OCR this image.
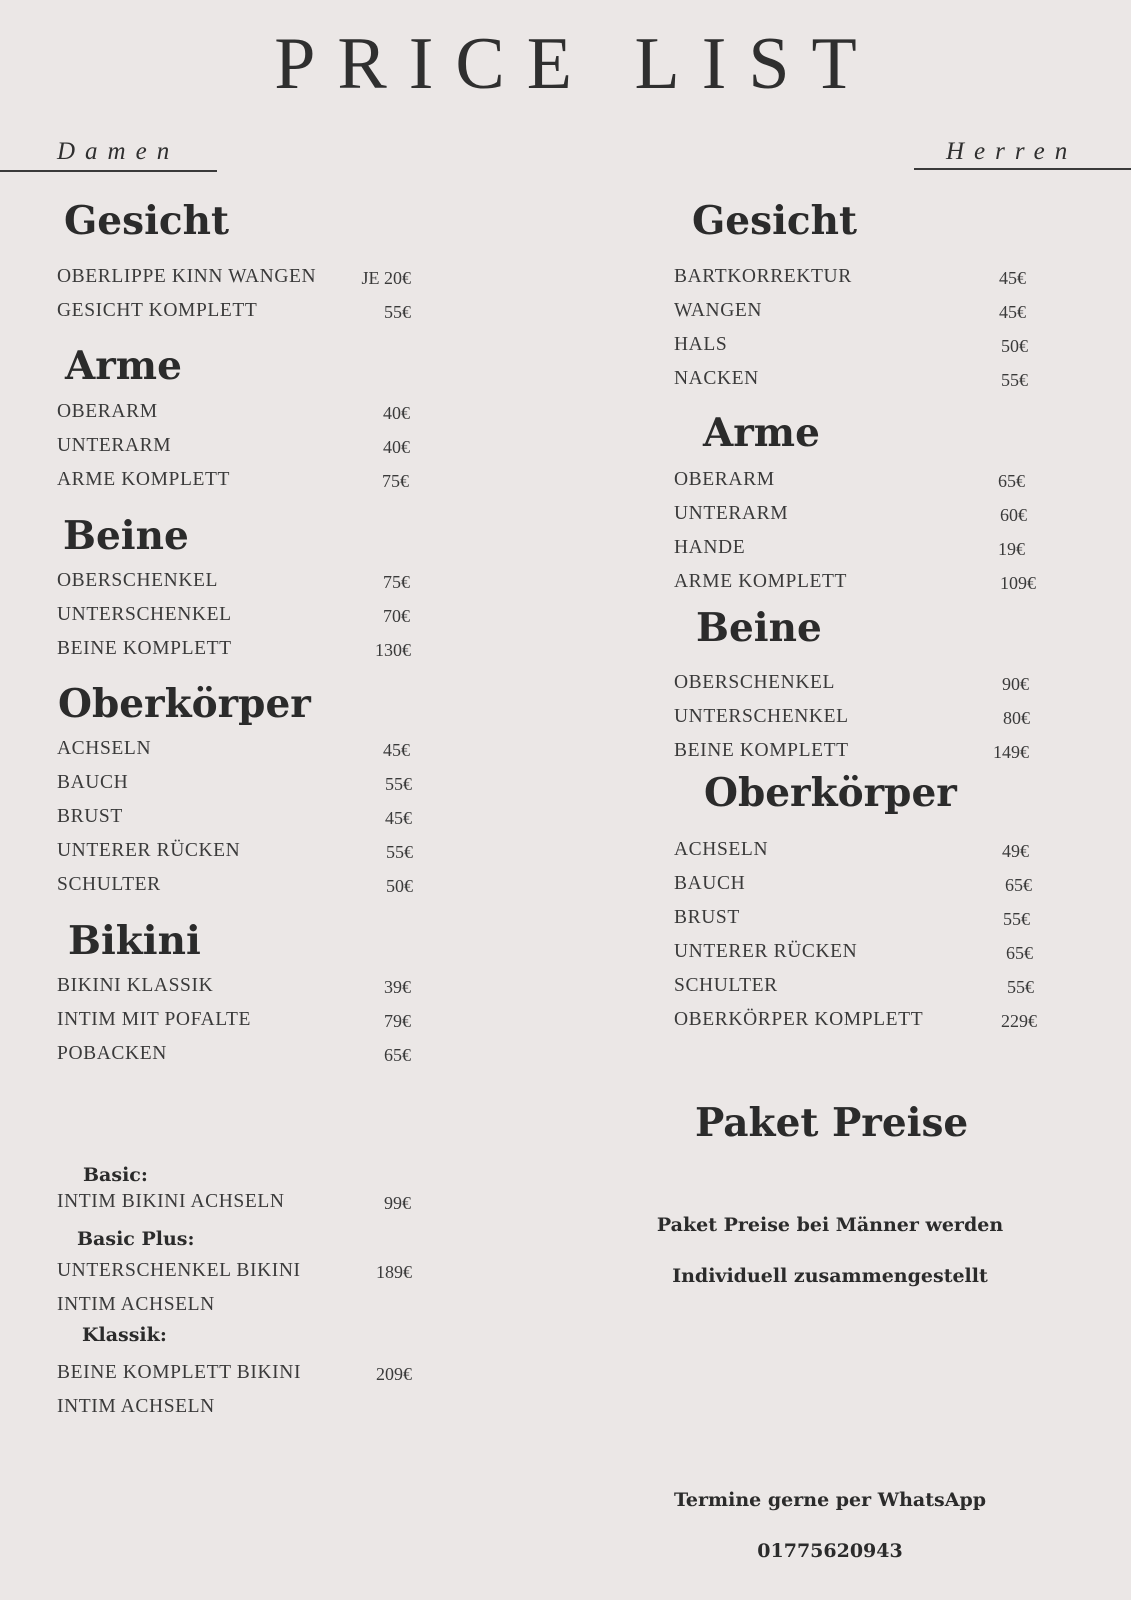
PRICE LIST
Damen	Herren
Gesicht
OBERLIPPE KINN WANGEN	JE 20€
GESICHT KOMPLETT	55€
Arme
OBERARM	40€
UNTERARM	40€
ARME KOMPLETT	75€
Beine
OBERSCHENKEL	75€
UNTERSCHENKEL	70€
BEINE KOMPLETT	130€
Oberkörper
ACHSELN	45€
BAUCH	55€
BRUST	45€
UNTERER RÜCKEN	55€
SCHULTER	50€
Bikini
BIKINI KLASSIK	39€
INTIM MIT POFALTE	79€
POBACKEN	65€
Basic:
INTIM BIKINI ACHSELN	99€
Basic Plus:
UNTERSCHENKEL BIKINI	189€
INTIM ACHSELN
Klassik:
BEINE KOMPLETT BIKINI	209€
INTIM ACHSELN
Gesicht
BARTKORREKTUR	45€
WANGEN	45€
HALS	50€
NACKEN	55€
Arme
OBERARM	65€
UNTERARM	60€
HANDE	19€
ARME KOMPLETT	109€
Beine
OBERSCHENKEL	90€
UNTERSCHENKEL	80€
BEINE KOMPLETT	149€
Oberkörper
ACHSELN	49€
BAUCH	65€
BRUST	55€
UNTERER RÜCKEN	65€
SCHULTER	55€
OBERKÖRPER KOMPLETT	229€
Paket Preise
Paket Preise bei Männer werden
Individuell zusammengestellt
Termine gerne per WhatsApp
01775620943
